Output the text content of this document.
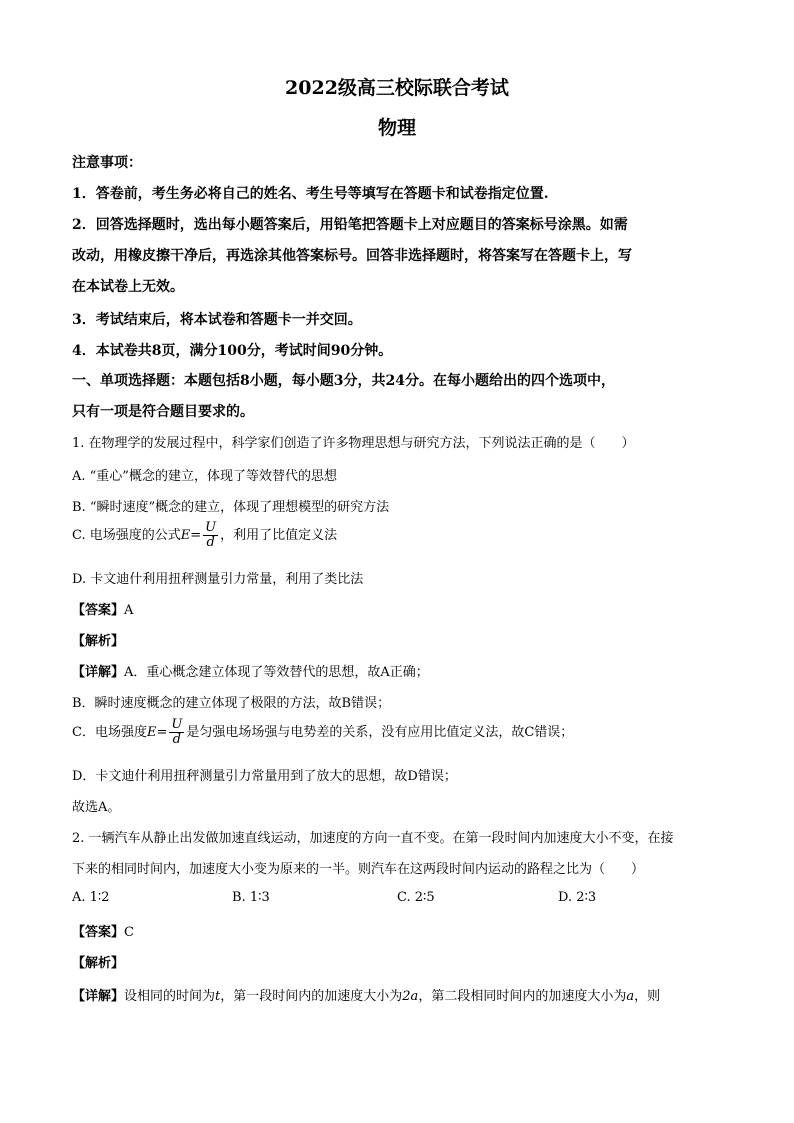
2022级高三校际联合考试
物理
注意事项：
1．答卷前，考生务必将自己的姓名、考生号等填写在答题卡和试卷指定位置.
2．回答选择题时，选出每小题答案后，用铅笔把答题卡上对应题目的答案标号涂黑。如需
改动，用橡皮擦干净后，再选涂其他答案标号。回答非选择题时，将答案写在答题卡上，写
在本试卷上无效。
3．考试结束后，将本试卷和答题卡一并交回。
4．本试卷共8页，满分100分，考试时间90分钟。
一、单项选择题：本题包括8小题，每小题3分，共24分。在每小题给出的四个选项中，
只有一项是符合题目要求的。
1. 在物理学的发展过程中，科学家们创造了许多物理思想与研究方法，下列说法正确的是（　　）
A. “重心”概念的建立，体现了等效替代的思想
B. “瞬时速度”概念的建立，体现了理想模型的研究方法
C. 电场强度的公式$E= \frac{U}{d}$ ，利用了比值定义法
D. 卡文迪什利用扭秤测量引力常量，利用了类比法
【答案】A
【解析】
【详解】A．重心概念建立体现了等效替代的思想，故A正确；
B．瞬时速度概念的建立体现了极限的方法，故B错误；
C．电场强度$E= \frac{U}{d}$ 是匀强电场场强与电势差的关系，没有应用比值定义法，故C错误；
D．卡文迪什利用扭秤测量引力常量用到了放大的思想，故D错误；
故选A。
2. 一辆汽车从静止出发做加速直线运动，加速度的方向一直不变。在第一段时间内加速度大小不变，在接
下来的相同时间内，加速度大小变为原来的一半。则汽车在这两段时间内运动的路程之比为（　　）
A. 1∶2	B. 1∶3	C. 2∶5	D. 2∶3
【答案】C
【解析】
【详解】设相同的时间为t，第一段时间内的加速度大小为2a，第二段相同时间内的加速度大小为a，则
